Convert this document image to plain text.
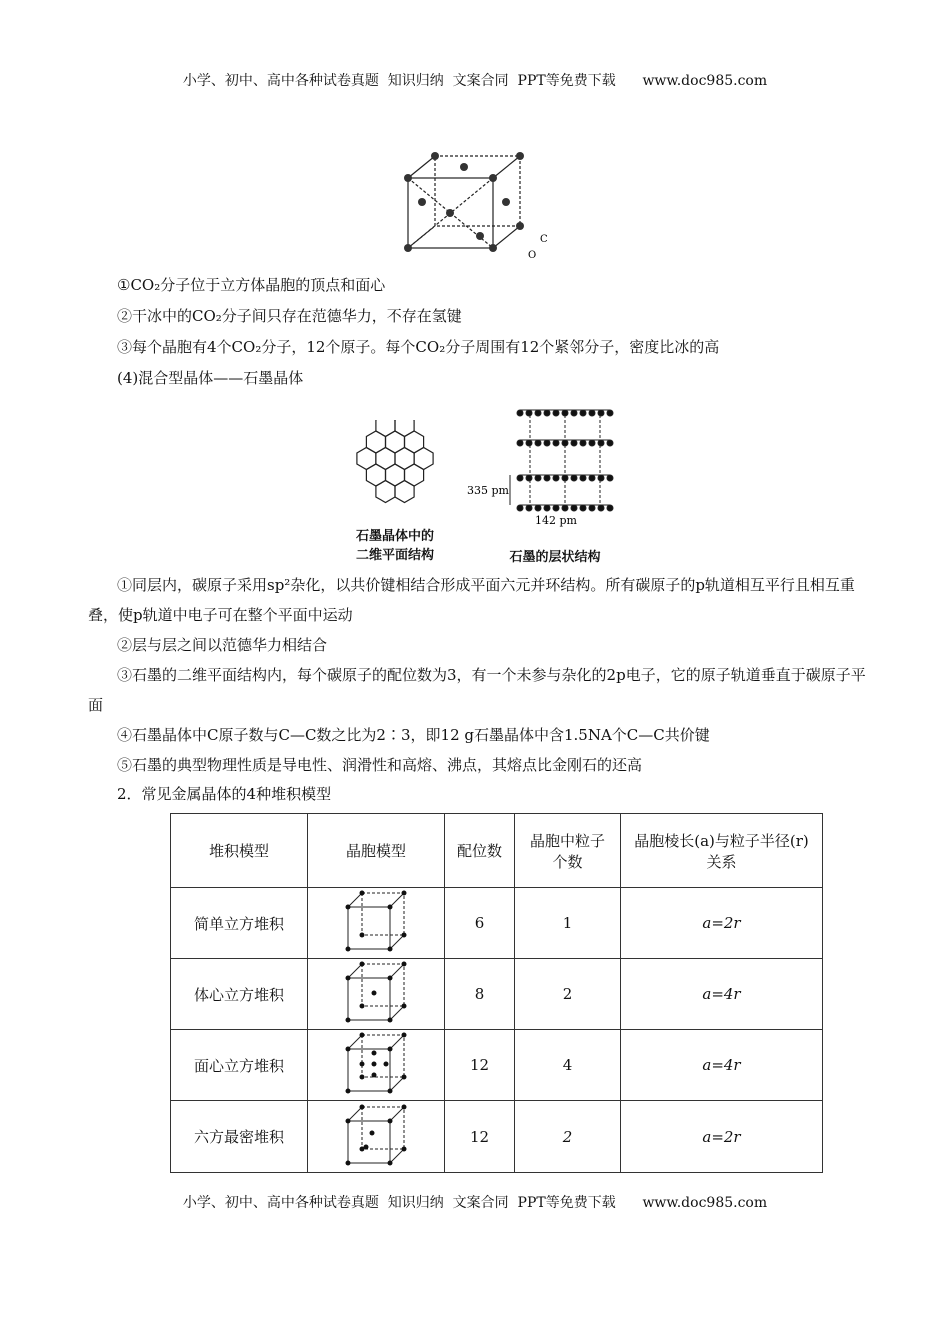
小学、初中、高中各种试卷真题  知识归纳  文案合同  PPT等免费下载      www.doc985.com
C
O
①CO₂分子位于立方体晶胞的顶点和面心
②干冰中的CO₂分子间只存在范德华力，不存在氢键
③每个晶胞有4个CO₂分子，12个原子。每个CO₂分子周围有12个紧邻分子，密度比冰的高
(4)混合型晶体——石墨晶体
石墨晶体中的
二维平面结构
335 pm
142 pm
石墨的层状结构
①同层内，碳原子采用sp²杂化，以共价键相结合形成平面六元并环结构。所有碳原子的p轨道相互平行且相互重叠，使p轨道中电子可在整个平面中运动
②层与层之间以范德华力相结合
③石墨的二维平面结构内，每个碳原子的配位数为3，有一个未参与杂化的2p电子，它的原子轨道垂直于碳原子平面
④石墨晶体中C原子数与C—C数之比为2∶3，即12 g石墨晶体中含1.5NA个C—C共价键
⑤石墨的典型物理性质是导电性、润滑性和高熔、沸点，其熔点比金刚石的还高
2．常见金属晶体的4种堆积模型
堆积模型	晶胞模型	配位数	晶胞中粒子个数	晶胞棱长(a)与粒子半径(r)关系
简单立方堆积		6	1	a=2r
体心立方堆积		8	2	a=4r
面心立方堆积		12	4	a=4r
六方最密堆积		12	2	a=2r
小学、初中、高中各种试卷真题  知识归纳  文案合同  PPT等免费下载      www.doc985.com
